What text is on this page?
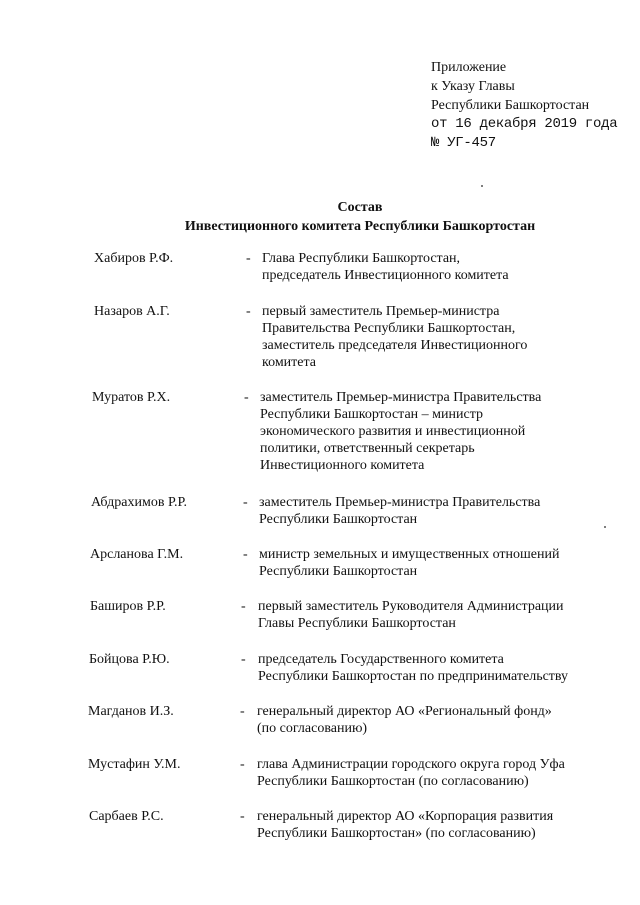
Приложение
к Указу Главы
Республики Башкортостан
от 16 декабря 2019 года
№ УГ-457
Состав
Инвестиционного комитета Республики Башкортостан
Хабиров Р.Ф.	- Глава Республики Башкортостан,
председатель Инвестиционного комитета
Назаров А.Г.	- первый заместитель Премьер-министра
Правительства Республики Башкортостан,
заместитель председателя Инвестиционного
комитета
Муратов Р.Х.	- заместитель Премьер-министра Правительства
Республики Башкортостан – министр
экономического развития и инвестиционной
политики, ответственный секретарь
Инвестиционного комитета
Абдрахимов Р.Р.	- заместитель Премьер-министра Правительства
Республики Башкортостан
Арсланова Г.М.	- министр земельных и имущественных отношений
Республики Башкортостан
Баширов Р.Р.	- первый заместитель Руководителя Администрации
Главы Республики Башкортостан
Бойцова Р.Ю.	- председатель Государственного комитета
Республики Башкортостан по предпринимательству
Магданов И.З.	- генеральный директор АО «Региональный фонд»
(по согласованию)
Мустафин У.М.	- глава Администрации городского округа город Уфа
Республики Башкортостан (по согласованию)
Сарбаев Р.С.	- генеральный директор АО «Корпорация развития
Республики Башкортостан» (по согласованию)
